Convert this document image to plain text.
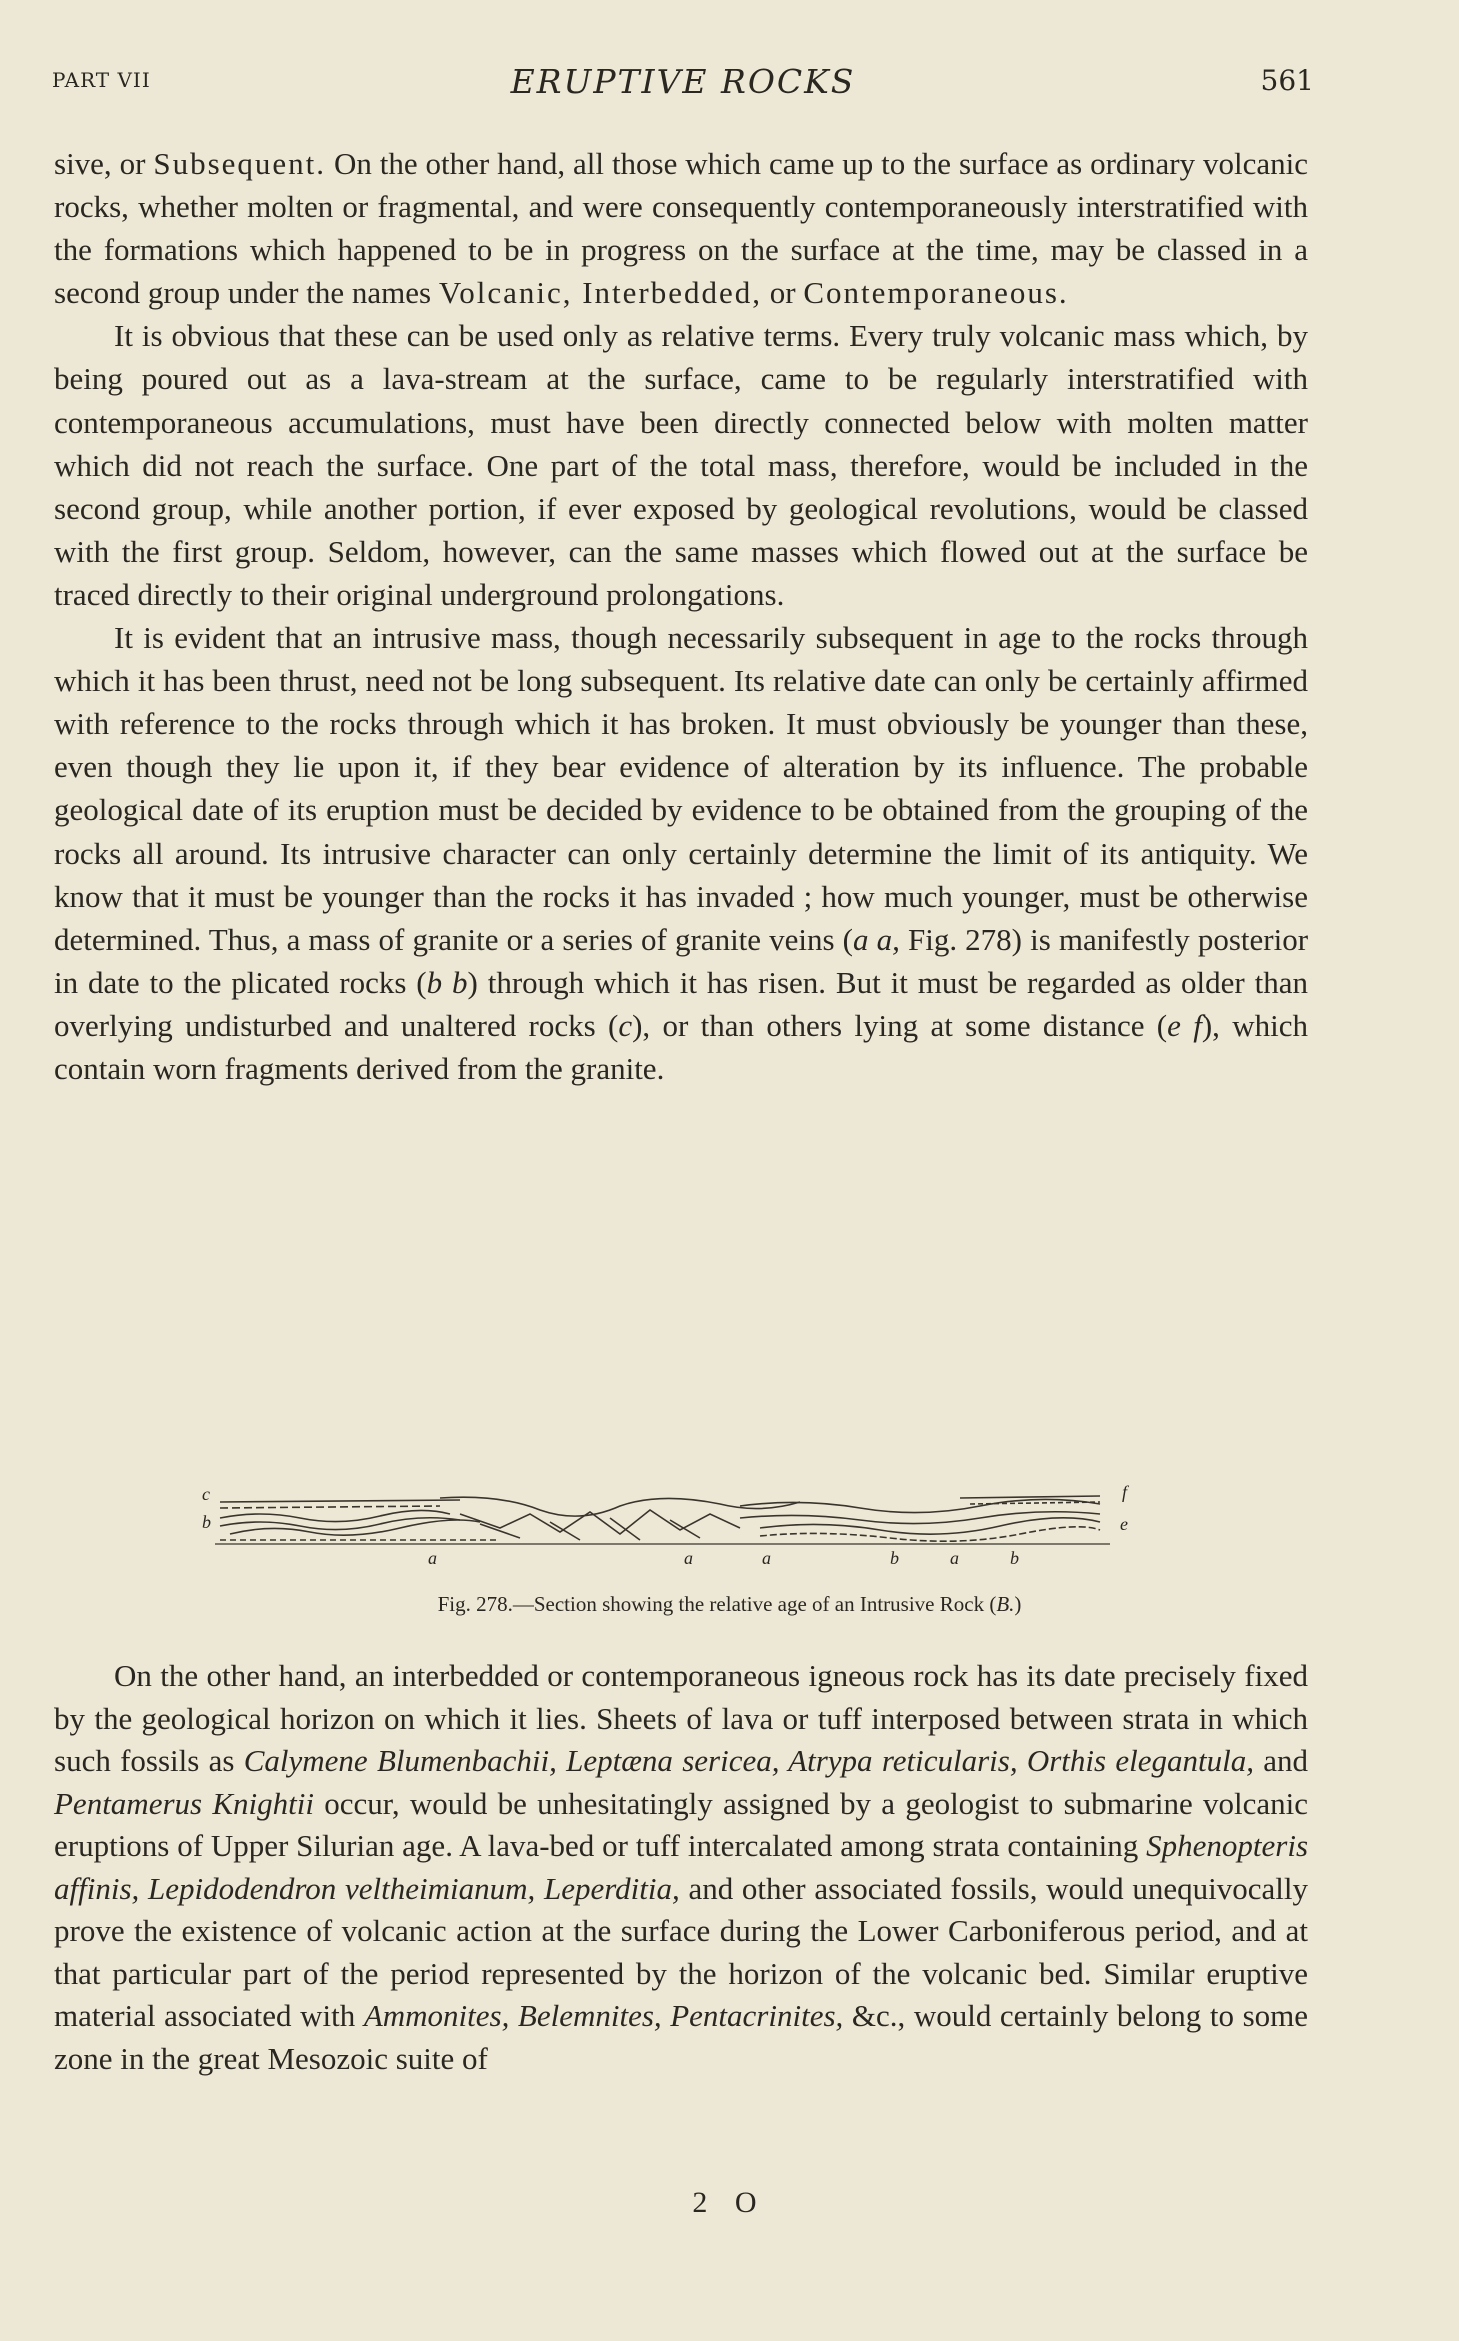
PART VII	ERUPTIVE ROCKS	561

sive, or Subsequent. On the other hand, all those which came up to the surface as ordinary volcanic rocks, whether molten or fragmental, and were consequently contemporaneously interstratified with the formations which happened to be in progress on the surface at the time, may be classed in a second group under the names Volcanic, Interbedded, or Contemporaneous.

It is obvious that these can be used only as relative terms. Every truly volcanic mass which, by being poured out as a lava-stream at the surface, came to be regularly interstratified with contemporaneous accumulations, must have been directly connected below with molten matter which did not reach the surface. One part of the total mass, therefore, would be included in the second group, while another portion, if ever exposed by geological revolutions, would be classed with the first group. Seldom, however, can the same masses which flowed out at the surface be traced directly to their original underground prolongations.

It is evident that an intrusive mass, though necessarily subsequent in age to the rocks through which it has been thrust, need not be long subsequent. Its relative date can only be certainly affirmed with reference to the rocks through which it has broken. It must obviously be younger than these, even though they lie upon it, if they bear evidence of alteration by its influence. The probable geological date of its eruption must be decided by evidence to be obtained from the grouping of the rocks all around. Its intrusive character can only certainly determine the limit of its antiquity. We know that it must be younger than the rocks it has invaded ; how much younger, must be otherwise determined. Thus, a mass of granite or a series of granite veins (a a, Fig. 278) is manifestly posterior in date to the plicated rocks (b b) through which it has risen. But it must be regarded as older than overlying undisturbed and unaltered rocks (c), or than others lying at some distance (e f), which contain worn fragments derived from the granite.

c
b
f
e
a	a	a	b	a	b
Fig. 278.—Section showing the relative age of an Intrusive Rock (B.)

On the other hand, an interbedded or contemporaneous igneous rock has its date precisely fixed by the geological horizon on which it lies. Sheets of lava or tuff interposed between strata in which such fossils as Calymene Blumenbachii, Leptæna sericea, Atrypa reticularis, Orthis elegantula, and Pentamerus Knightii occur, would be unhesitatingly assigned by a geologist to submarine volcanic eruptions of Upper Silurian age. A lava-bed or tuff intercalated among strata containing Sphenopteris affinis, Lepidodendron veltheimianum, Leperditia, and other associated fossils, would unequivocally prove the existence of volcanic action at the surface during the Lower Carboniferous period, and at that particular part of the period represented by the horizon of the volcanic bed. Similar eruptive material associated with Ammonites, Belemnites, Pentacrinites, &c., would certainly belong to some zone in the great Mesozoic suite of

2 O
